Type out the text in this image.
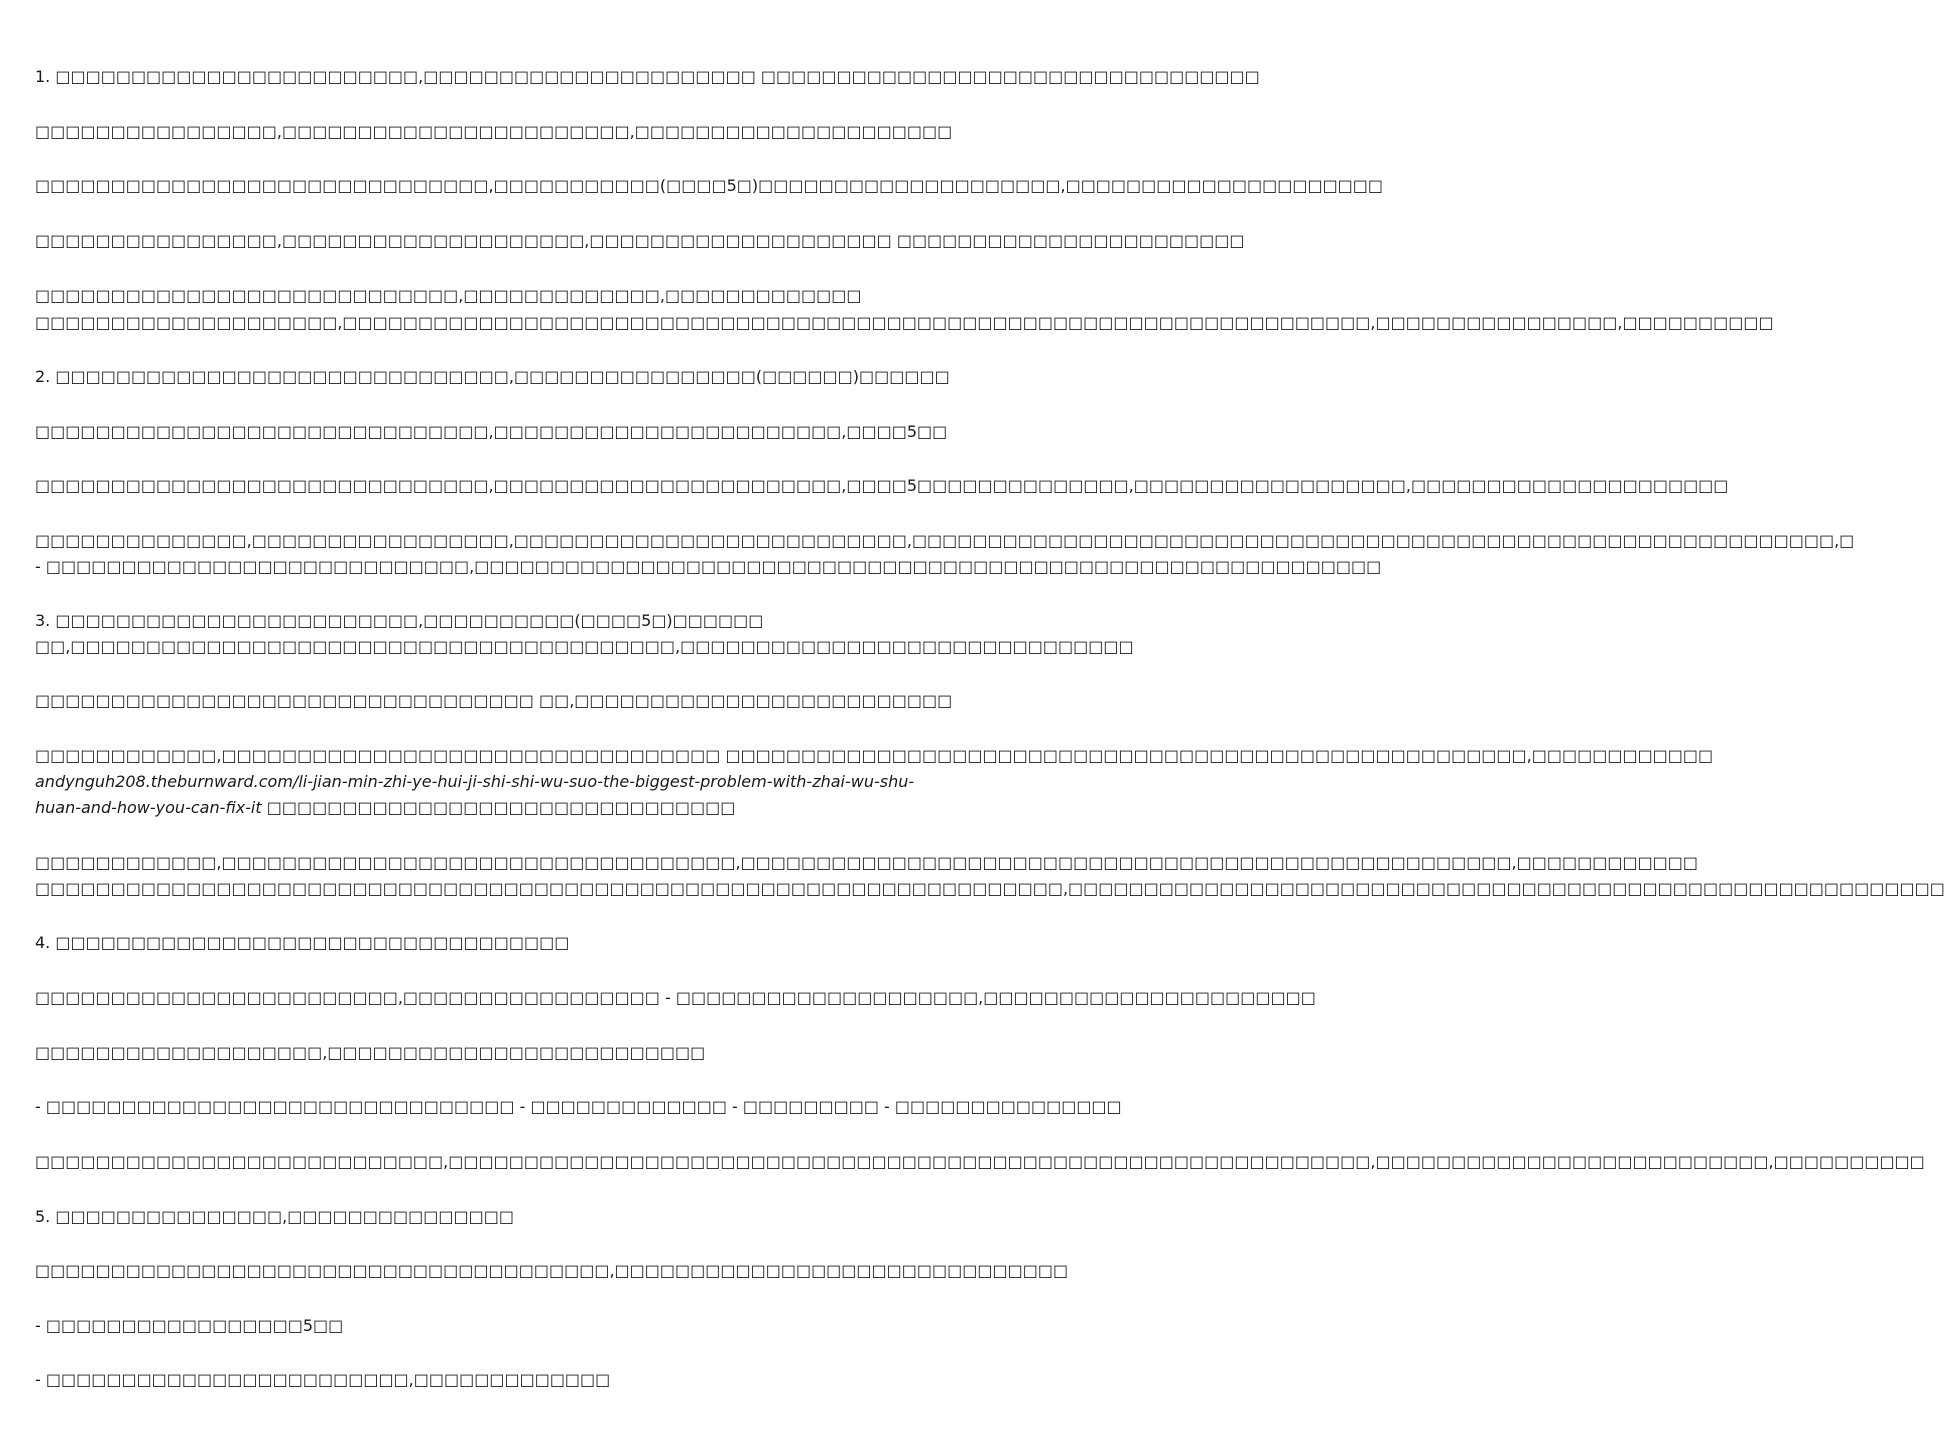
1. □□□□□□□□□□□□□□□□□□□□□□□□,□□□□□□□□□□□□□□□□□□□□□□ □□□□□□□□□□□□□□□□□□□□□□□□□□□□□□□□□
□□□□□□□□□□□□□□□□,□□□□□□□□□□□□□□□□□□□□□□□,□□□□□□□□□□□□□□□□□□□□□
□□□□□□□□□□□□□□□□□□□□□□□□□□□□□□,□□□□□□□□□□□(□□□□5□)□□□□□□□□□□□□□□□□□□□□,□□□□□□□□□□□□□□□□□□□□□
□□□□□□□□□□□□□□□□,□□□□□□□□□□□□□□□□□□□□,□□□□□□□□□□□□□□□□□□□□ □□□□□□□□□□□□□□□□□□□□□□□
□□□□□□□□□□□□□□□□□□□□□□□□□□□□,□□□□□□□□□□□□□,□□□□□□□□□□□□□
□□□□□□□□□□□□□□□□□□□□,□□□□□□□□□□□□□□□□□□□□□□□□□□□□□□□□□□□□□□□□□□□□□□□□□□□□□□□□□□□□□□□□□□□□,□□□□□□□□□□□□□□□□,□□□□□□□□□□
2. □□□□□□□□□□□□□□□□□□□□□□□□□□□□□□,□□□□□□□□□□□□□□□□(□□□□□□)□□□□□□
□□□□□□□□□□□□□□□□□□□□□□□□□□□□□□,□□□□□□□□□□□□□□□□□□□□□□□,□□□□5□□
□□□□□□□□□□□□□□□□□□□□□□□□□□□□□□,□□□□□□□□□□□□□□□□□□□□□□□,□□□□5□□□□□□□□□□□□□□,□□□□□□□□□□□□□□□□□□,□□□□□□□□□□□□□□□□□□□□□
□□□□□□□□□□□□□□,□□□□□□□□□□□□□□□□□,□□□□□□□□□□□□□□□□□□□□□□□□□□,□□□□□□□□□□□□□□□□□□□□□□□□□□□□□□□□□□□□□□□□□□□□□□□□□□□□□□□□□□□□□,□
- □□□□□□□□□□□□□□□□□□□□□□□□□□□□,□□□□□□□□□□□□□□□□□□□□□□□□□□□□□□□□□□□□□□□□□□□□□□□□□□□□□□□□□□□□
3. □□□□□□□□□□□□□□□□□□□□□□□□,□□□□□□□□□□(□□□□5□)□□□□□□
□□,□□□□□□□□□□□□□□□□□□□□□□□□□□□□□□□□□□□□□□□□,□□□□□□□□□□□□□□□□□□□□□□□□□□□□□□
□□□□□□□□□□□□□□□□□□□□□□□□□□□□□□□□□ □□,□□□□□□□□□□□□□□□□□□□□□□□□□
□□□□□□□□□□□□,□□□□□□□□□□□□□□□□□□□□□□□□□□□□□□□□□ □□□□□□□□□□□□□□□□□□□□□□□□□□□□□□□□□□□□□□□□□□□□□□□□□□□□□,□□□□□□□□□□□□
andynguh208.theburnward.com/li-jian-min-zhi-ye-hui-ji-shi-shi-wu-suo-the-biggest-problem-with-zhai-wu-shu-
huan-and-how-you-can-fix-it □□□□□□□□□□□□□□□□□□□□□□□□□□□□□□□
□□□□□□□□□□□□,□□□□□□□□□□□□□□□□□□□□□□□□□□□□□□□□□□,□□□□□□□□□□□□□□□□□□□□□□□□□□□□□□□□□□□□□□□□□□□□□□□□□□□,□□□□□□□□□□□□
□□□□□□□□□□□□□□□□□□□□□□□□□□□□□□□□□□□□□□□□□□□□□□□□□□□□□□□□□□□□□□□□□□□□,□□□□□□□□□□□□□□□□□□□□□□□□□□□□□□□□□□□□□□□□□□□□□□□□□□□□□□□□□□
4. □□□□□□□□□□□□□□□□□□□□□□□□□□□□□□□□□□
□□□□□□□□□□□□□□□□□□□□□□□□,□□□□□□□□□□□□□□□□□ - □□□□□□□□□□□□□□□□□□□□,□□□□□□□□□□□□□□□□□□□□□□
□□□□□□□□□□□□□□□□□□□,□□□□□□□□□□□□□□□□□□□□□□□□□
- □□□□□□□□□□□□□□□□□□□□□□□□□□□□□□□ - □□□□□□□□□□□□□ - □□□□□□□□□ - □□□□□□□□□□□□□□□
□□□□□□□□□□□□□□□□□□□□□□□□□□□,□□□□□□□□□□□□□□□□□□□□□□□□□□□□□□□□□□□□□□□□□□□□□□□□□□□□□□□□□□□□□,□□□□□□□□□□□□□□□□□□□□□□□□□□,□□□□□□□□□□
5. □□□□□□□□□□□□□□□,□□□□□□□□□□□□□□□
□□□□□□□□□□□□□□□□□□□□□□□□□□□□□□□□□□□□□□,□□□□□□□□□□□□□□□□□□□□□□□□□□□□□□
- □□□□□□□□□□□□□□□□□5□□
- □□□□□□□□□□□□□□□□□□□□□□□□,□□□□□□□□□□□□□
